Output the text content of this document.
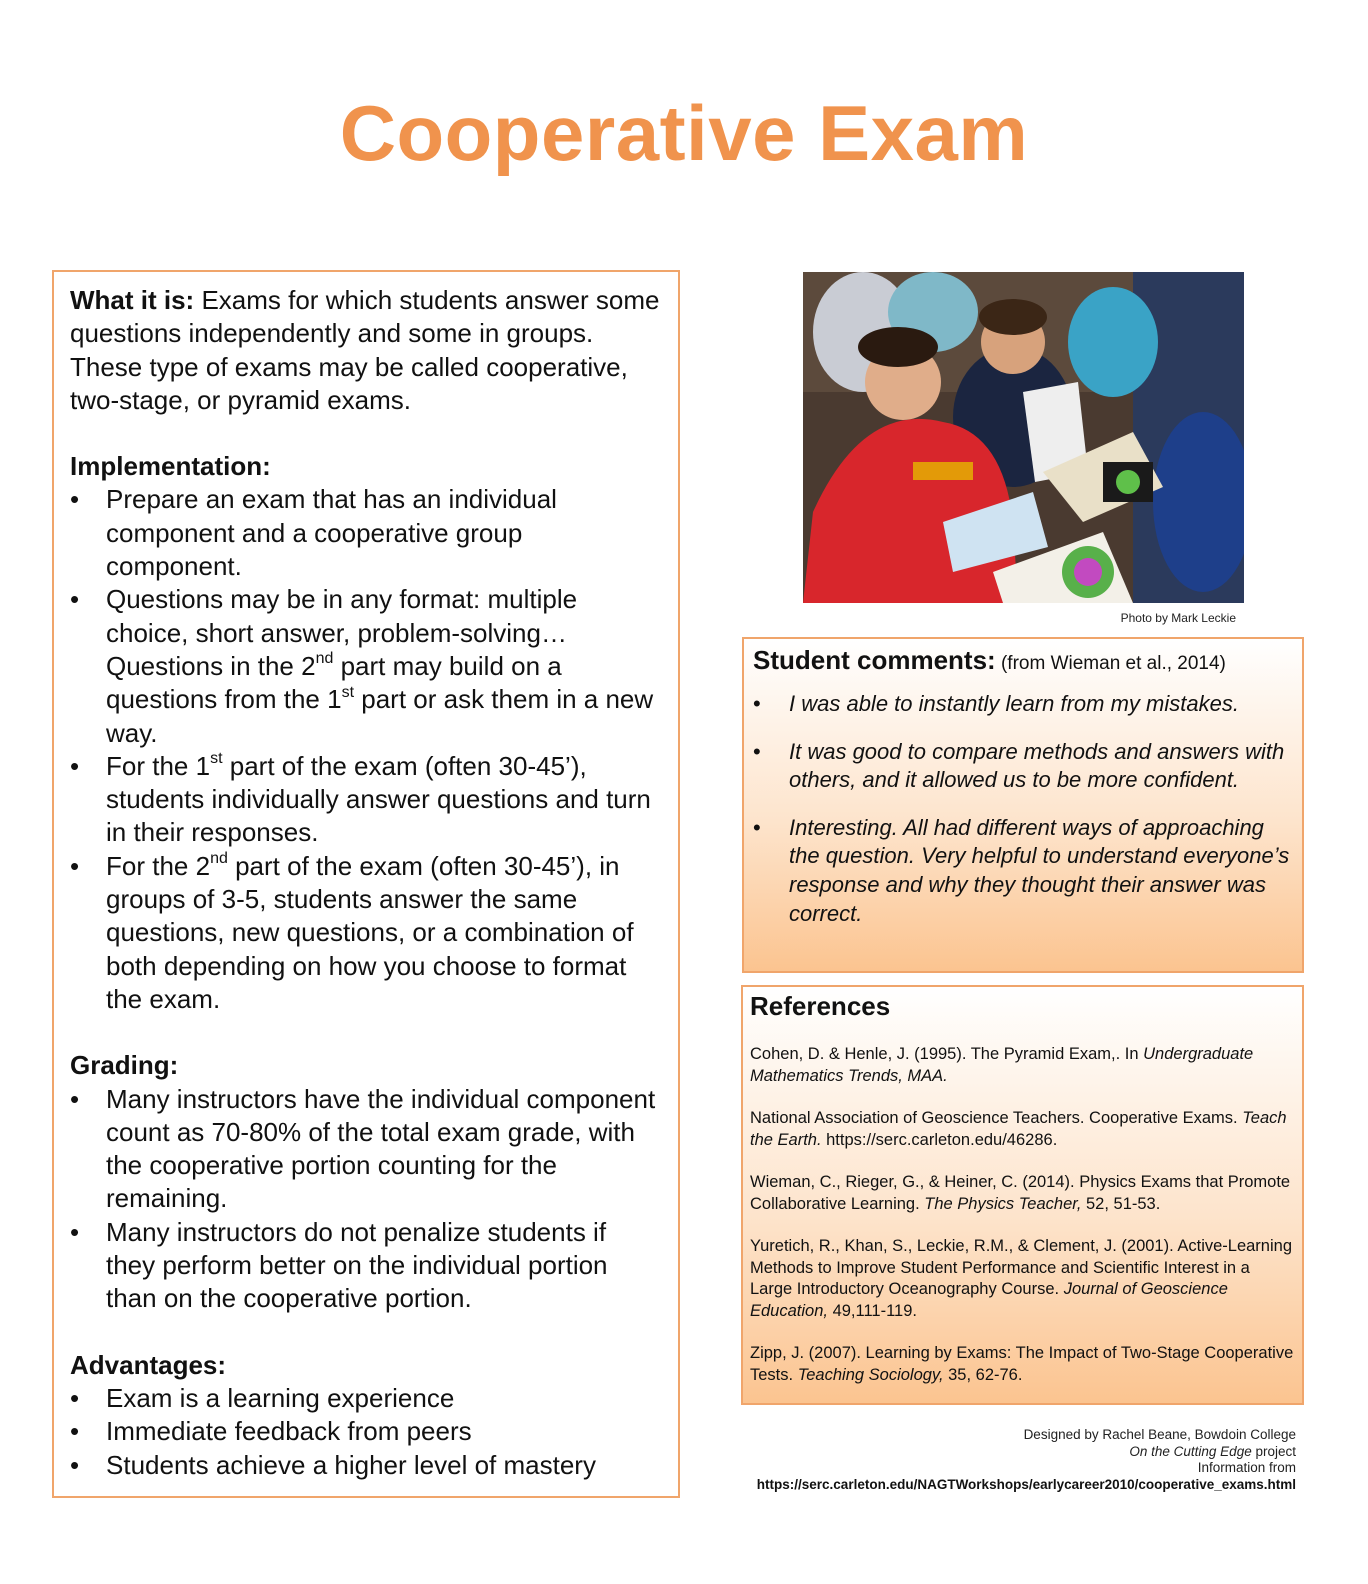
Cooperative Exam

What it is: Exams for which students answer some questions independently and some in groups. These type of exams may be called cooperative, two-stage, or pyramid exams.

Implementation:

• Prepare an exam that has an individual component and a cooperative group component.
• Questions may be in any format: multiple choice, short answer, problem-solving… Questions in the 2nd part may build on a questions from the 1st part or ask them in a new way.
• For the 1st part of the exam (often 30-45’), students individually answer questions and turn in their responses.
• For the 2nd part of the exam (often 30-45’), in groups of 3-5, students answer the same questions, new questions, or a combination of both depending on how you choose to format the exam.

Grading:

• Many instructors have the individual component count as 70-80% of the total exam grade, with the cooperative portion counting for the remaining.
• Many instructors do not penalize students if they perform better on the individual portion than on the cooperative portion.

Advantages:

• Exam is a learning experience
• Immediate feedback from peers
• Students achieve a higher level of mastery
Photo by Mark Leckie
Student comments: (from Wieman et al., 2014)
• I was able to instantly learn from my mistakes.
• It was good to compare methods and answers with others, and it allowed us to be more confident.
• Interesting. All had different ways of approaching the question. Very helpful to understand everyone’s response and why they thought their answer was correct.
References
Cohen, D. & Henle, J. (1995). The Pyramid Exam,. In Undergraduate Mathematics Trends, MAA.
National Association of Geoscience Teachers. Cooperative Exams. Teach the Earth. https://serc.carleton.edu/46286.
Wieman, C., Rieger, G., & Heiner, C. (2014). Physics Exams that Promote Collaborative Learning. The Physics Teacher, 52, 51-53.
Yuretich, R., Khan, S., Leckie, R.M., & Clement, J. (2001). Active-Learning Methods to Improve Student Performance and Scientific Interest in a Large Introductory Oceanography Course. Journal of Geoscience Education, 49,111-119.
Zipp, J. (2007). Learning by Exams: The Impact of Two-Stage Cooperative Tests. Teaching Sociology, 35, 62-76.
Designed by Rachel Beane, Bowdoin College
On the Cutting Edge project
Information from
https://serc.carleton.edu/NAGTWorkshops/earlycareer2010/cooperative_exams.html
